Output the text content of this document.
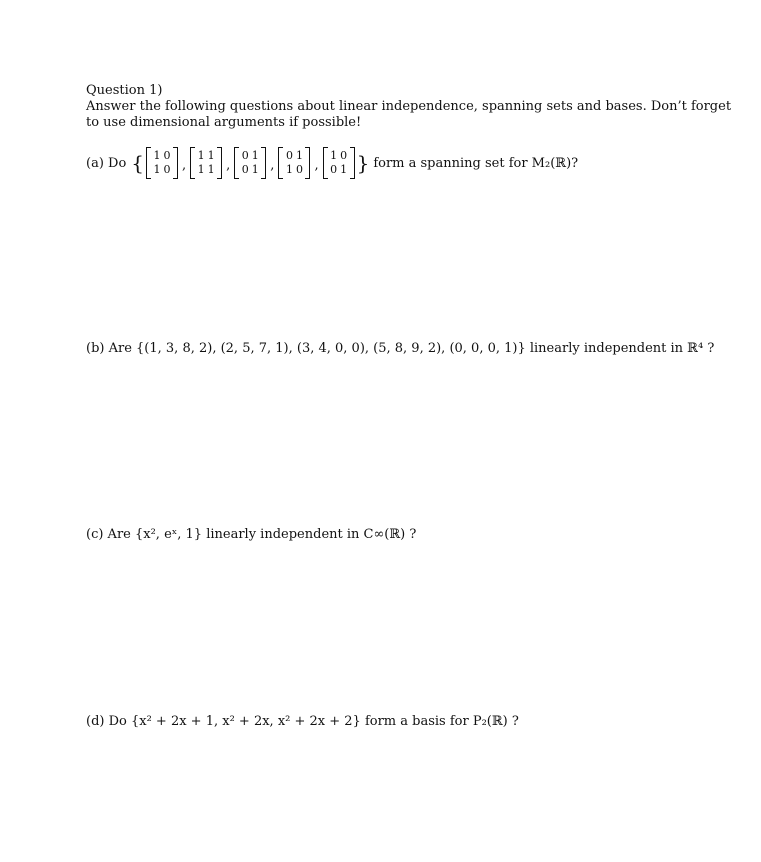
Question 1)
Answer the following questions about linear independence, spanning sets and bases. Don’t forget
to use dimensional arguments if possible!
(a) Do { 1 0
1 0 ,
1 1
1 1 ,
0 1
0 1 ,
0 1
1 0 ,
1 0
0 1 } form a spanning set for M₂(ℝ)?
(b) Are {(1, 3, 8, 2), (2, 5, 7, 1), (3, 4, 0, 0), (5, 8, 9, 2), (0, 0, 0, 1)} linearly independent in ℝ⁴ ?
(c) Are {x², eˣ, 1} linearly independent in C∞(ℝ) ?
(d) Do {x² + 2x + 1, x² + 2x, x² + 2x + 2} form a basis for P₂(ℝ) ?
